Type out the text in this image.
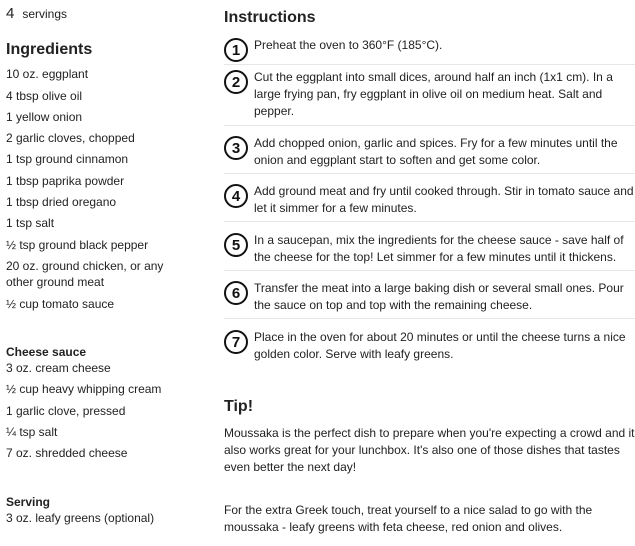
4 servings
Ingredients
10 oz. eggplant
4 tbsp olive oil
1 yellow onion
2 garlic cloves, chopped
1 tsp ground cinnamon
1 tbsp paprika powder
1 tbsp dried oregano
1 tsp salt
½ tsp ground black pepper
20 oz. ground chicken, or any
other ground meat
½ cup tomato sauce
Cheese sauce
3 oz. cream cheese
½ cup heavy whipping cream
1 garlic clove, pressed
¼ tsp salt
7 oz. shredded cheese
Serving
3 oz. leafy greens (optional)
Instructions
1	Preheat the oven to 360°F (185°C).
2	Cut the eggplant into small dices, around half an inch (1x1 cm). In a large frying pan, fry eggplant in olive oil on medium heat. Salt and pepper.
3	Add chopped onion, garlic and spices. Fry for a few minutes until the onion and eggplant start to soften and get some color.
4	Add ground meat and fry until cooked through. Stir in tomato sauce and let it simmer for a few minutes.
5	In a saucepan, mix the ingredients for the cheese sauce - save half of the cheese for the top! Let simmer for a few minutes until it thickens.
6	Transfer the meat into a large baking dish or several small ones. Pour the sauce on top and top with the remaining cheese.
7	Place in the oven for about 20 minutes or until the cheese turns a nice golden color. Serve with leafy greens.
Tip!
Moussaka is the perfect dish to prepare when you're expecting a crowd and it also works great for your lunchbox. It's also one of those dishes that tastes even better the next day!
For the extra Greek touch, treat yourself to a nice salad to go with the moussaka - leafy greens with feta cheese, red onion and olives.
